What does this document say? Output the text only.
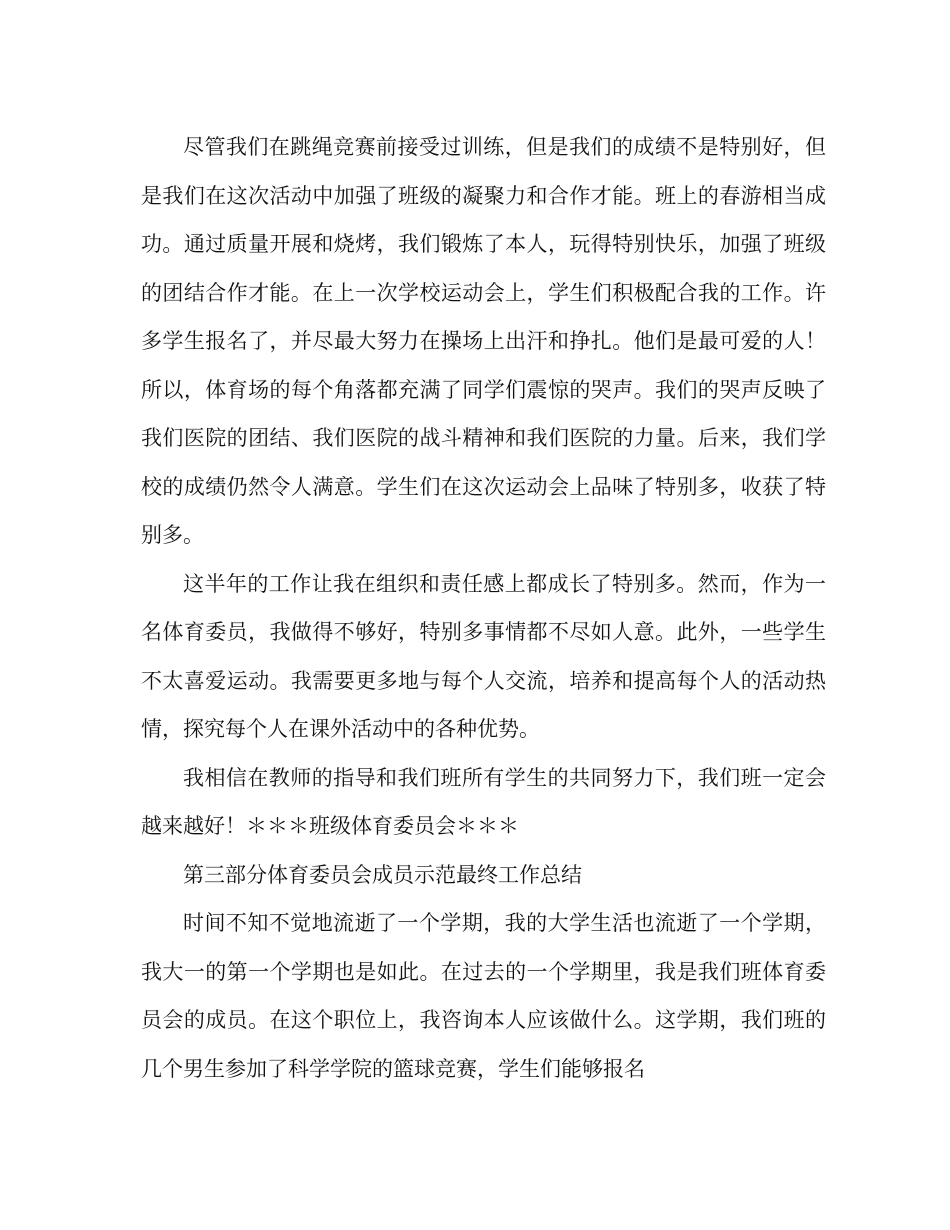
尽管我们在跳绳竞赛前接受过训练，但是我们的成绩不是特别好，但是我们在这次活动中加强了班级的凝聚力和合作才能。班上的春游相当成功。通过质量开展和烧烤，我们锻炼了本人，玩得特别快乐，加强了班级的团结合作才能。在上一次学校运动会上，学生们积极配合我的工作。许多学生报名了，并尽最大努力在操场上出汗和挣扎。他们是最可爱的人！所以，体育场的每个角落都充满了同学们震惊的哭声。我们的哭声反映了我们医院的团结、我们医院的战斗精神和我们医院的力量。后来，我们学校的成绩仍然令人满意。学生们在这次运动会上品味了特别多，收获了特别多。

这半年的工作让我在组织和责任感上都成长了特别多。然而，作为一名体育委员，我做得不够好，特别多事情都不尽如人意。此外，一些学生不太喜爱运动。我需要更多地与每个人交流，培养和提高每个人的活动热情，探究每个人在课外活动中的各种优势。

我相信在教师的指导和我们班所有学生的共同努力下，我们班一定会越来越好！＊＊＊班级体育委员会＊＊＊

第三部分体育委员会成员示范最终工作总结

时间不知不觉地流逝了一个学期，我的大学生活也流逝了一个学期，我大一的第一个学期也是如此。在过去的一个学期里，我是我们班体育委员会的成员。在这个职位上，我咨询本人应该做什么。这学期，我们班的几个男生参加了科学学院的篮球竞赛，学生们能够报名
